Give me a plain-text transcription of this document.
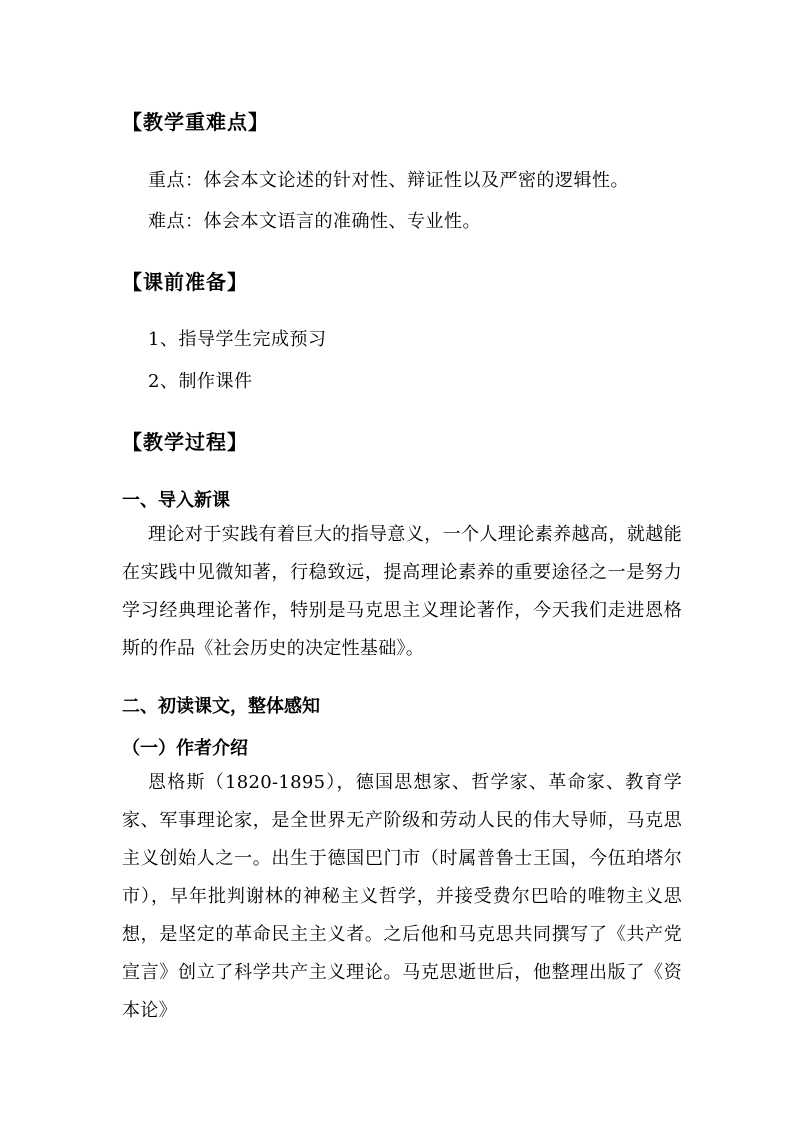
【教学重难点】
重点：体会本文论述的针对性、辩证性以及严密的逻辑性。
难点：体会本文语言的准确性、专业性。
【课前准备】
1、指导学生完成预习
2、制作课件
【教学过程】
一、导入新课
理论对于实践有着巨大的指导意义，一个人理论素养越高，就越能在实践中见微知著，行稳致远，提高理论素养的重要途径之一是努力学习经典理论著作，特别是马克思主义理论著作，今天我们走进恩格斯的作品《社会历史的决定性基础》。
二、初读课文，整体感知
（一）作者介绍
恩格斯（1820-1895），德国思想家、哲学家、革命家、教育学家、军事理论家，是全世界无产阶级和劳动人民的伟大导师，马克思主义创始人之一。出生于德国巴门市（时属普鲁士王国，今伍珀塔尔市），早年批判谢林的神秘主义哲学，并接受费尔巴哈的唯物主义思想，是坚定的革命民主主义者。之后他和马克思共同撰写了《共产党宣言》创立了科学共产主义理论。马克思逝世后，他整理出版了《资本论》
